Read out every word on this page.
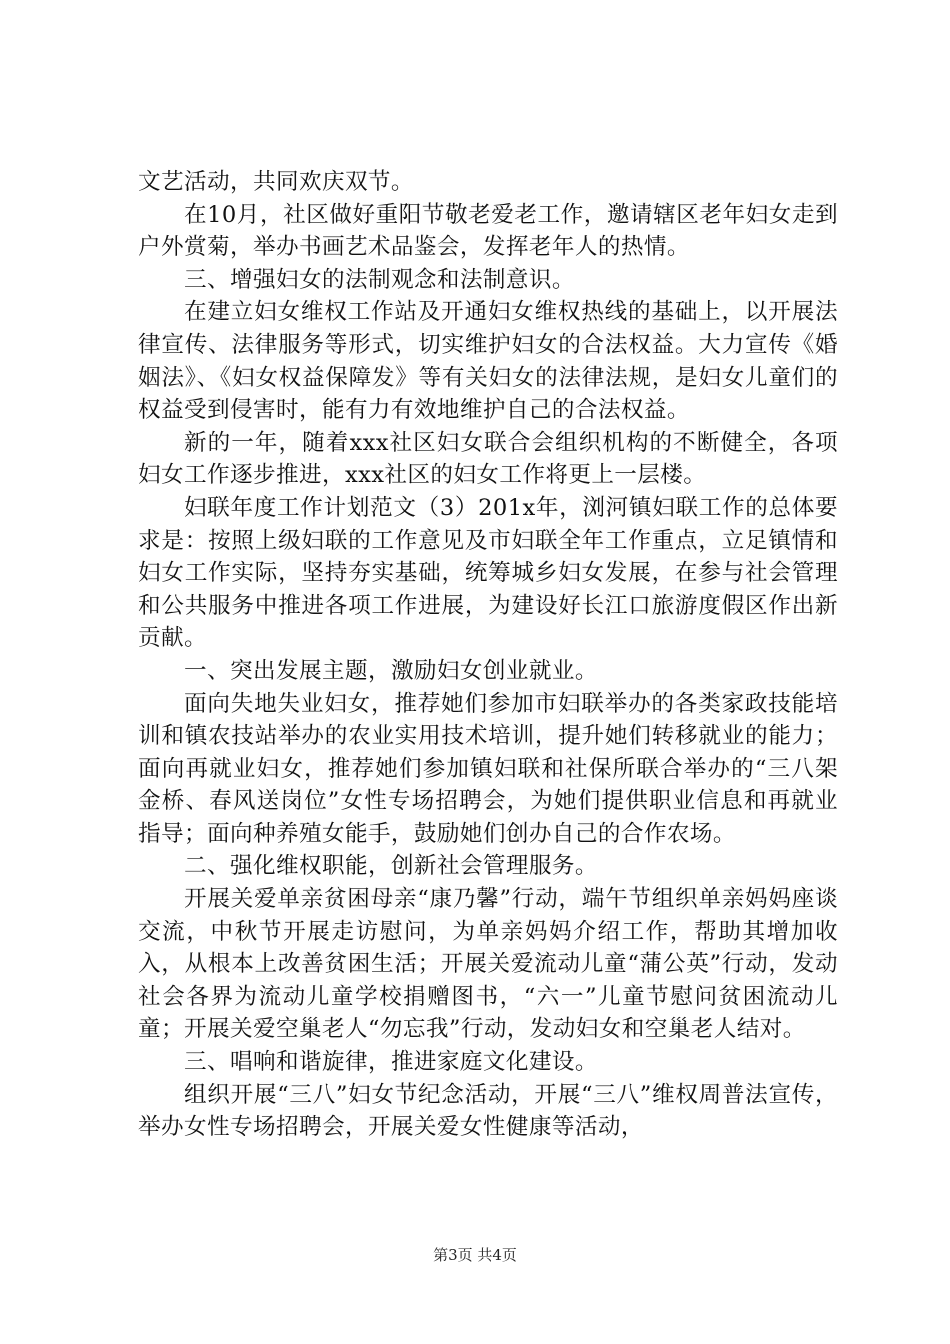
文艺活动，共同欢庆双节。

在10月，社区做好重阳节敬老爱老工作，邀请辖区老年妇女走到户外赏菊，举办书画艺术品鉴会，发挥老年人的热情。

三、增强妇女的法制观念和法制意识。

在建立妇女维权工作站及开通妇女维权热线的基础上，以开展法律宣传、法律服务等形式，切实维护妇女的合法权益。大力宣传《婚姻法》、《妇女权益保障发》等有关妇女的法律法规，是妇女儿童们的权益受到侵害时，能有力有效地维护自己的合法权益。

新的一年，随着xxx社区妇女联合会组织机构的不断健全，各项妇女工作逐步推进，xxx社区的妇女工作将更上一层楼。

妇联年度工作计划范文（3）201x年，浏河镇妇联工作的总体要求是：按照上级妇联的工作意见及市妇联全年工作重点，立足镇情和妇女工作实际，坚持夯实基础，统筹城乡妇女发展，在参与社会管理和公共服务中推进各项工作进展，为建设好长江口旅游度假区作出新贡献。

一、突出发展主题，激励妇女创业就业。

面向失地失业妇女，推荐她们参加市妇联举办的各类家政技能培训和镇农技站举办的农业实用技术培训，提升她们转移就业的能力；面向再就业妇女，推荐她们参加镇妇联和社保所联合举办的“三八架金桥、春风送岗位”女性专场招聘会，为她们提供职业信息和再就业指导；面向种养殖女能手，鼓励她们创办自己的合作农场。

二、强化维权职能，创新社会管理服务。

开展关爱单亲贫困母亲“康乃馨”行动，端午节组织单亲妈妈座谈交流，中秋节开展走访慰问，为单亲妈妈介绍工作，帮助其增加收入，从根本上改善贫困生活；开展关爱流动儿童“蒲公英”行动，发动社会各界为流动儿童学校捐赠图书，“六一”儿童节慰问贫困流动儿童；开展关爱空巢老人“勿忘我”行动，发动妇女和空巢老人结对。

三、唱响和谐旋律，推进家庭文化建设。

组织开展“三八”妇女节纪念活动，开展“三八”维权周普法宣传，举办女性专场招聘会，开展关爱女性健康等活动，

第3页 共4页
